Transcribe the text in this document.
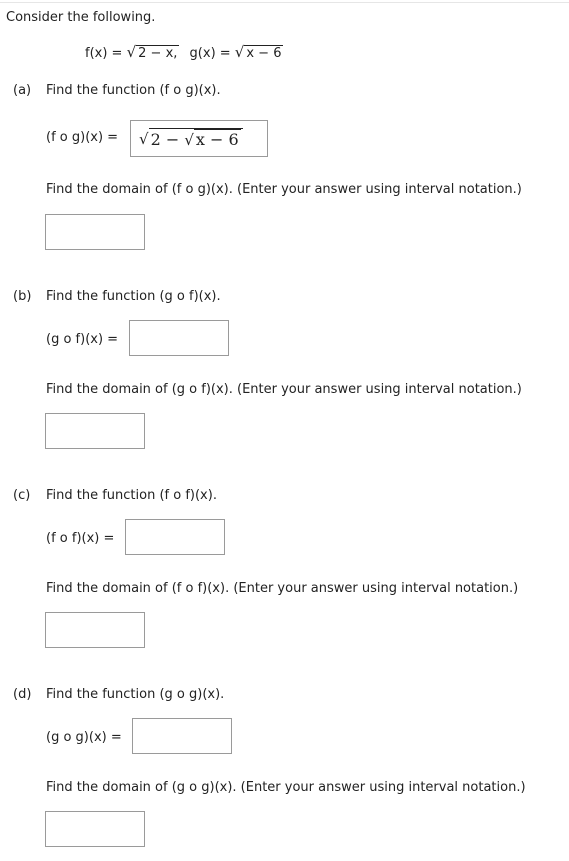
Consider the following.
f(x) = √ 2 − x, g(x) = √ x − 6
(a) Find the function (f o g)(x).
(f o g)(x) = √ 2 − √ x − 6
Find the domain of (f o g)(x). (Enter your answer using interval notation.)
(b) Find the function (g o f)(x).
(g o f)(x) =
Find the domain of (g o f)(x). (Enter your answer using interval notation.)
(c) Find the function (f o f)(x).
(f o f)(x) =
Find the domain of (f o f)(x). (Enter your answer using interval notation.)
(d) Find the function (g o g)(x).
(g o g)(x) =
Find the domain of (g o g)(x). (Enter your answer using interval notation.)
